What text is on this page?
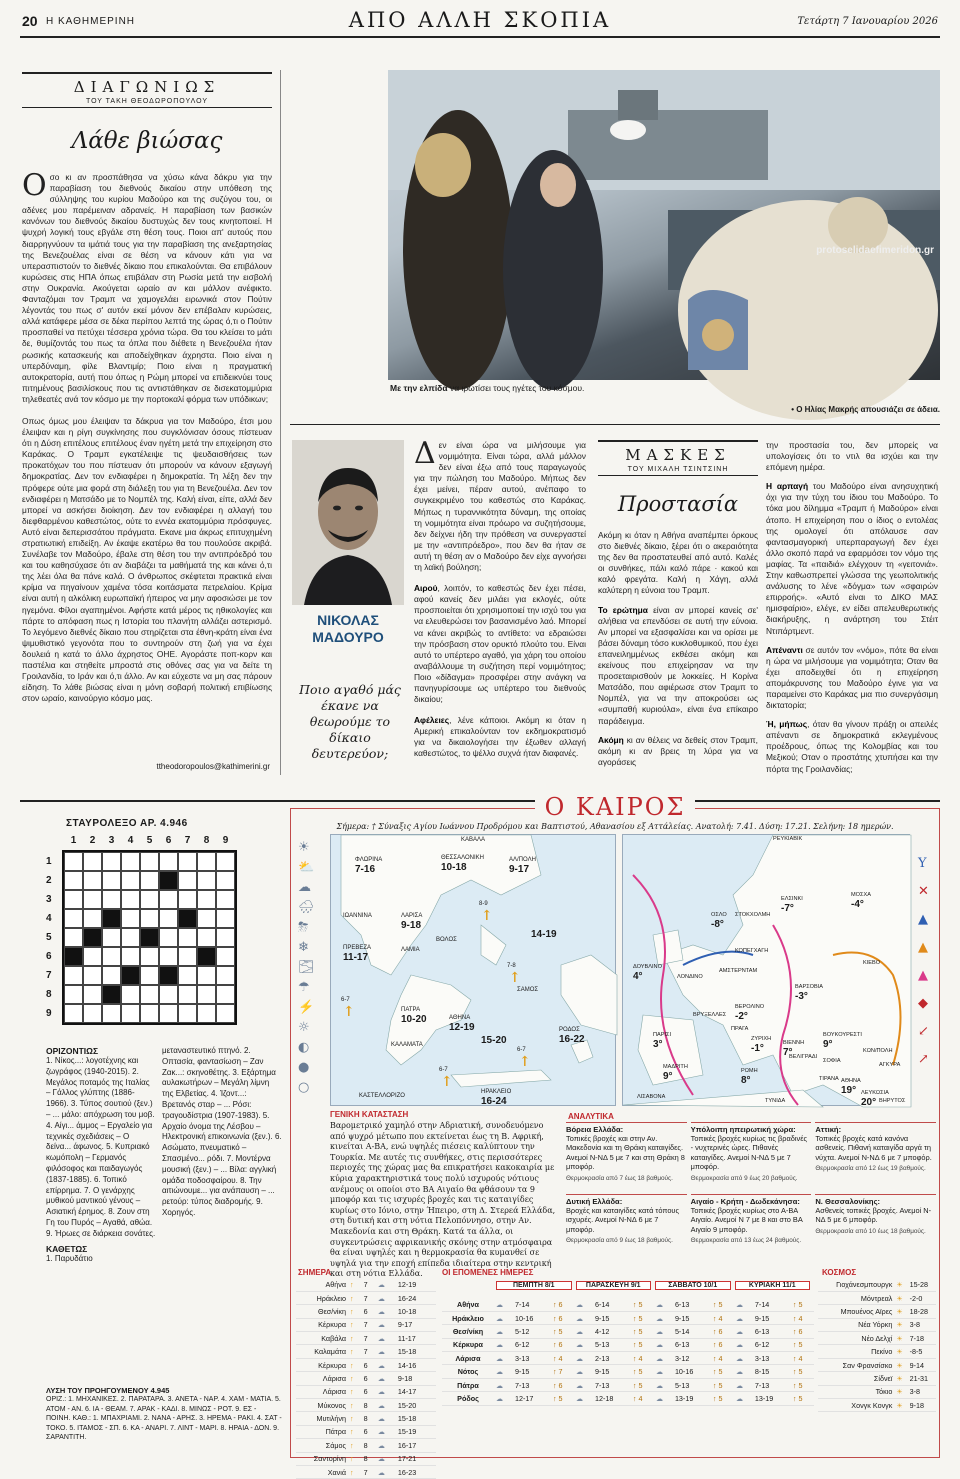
20 Η ΚΑΘΗΜΕΡΙΝΗ	ΑΠΟ ΑΛΛΗ ΣΚΟΠΙΑ	Τετάρτη 7 Ιανουαρίου 2026
ΔΙΑΓΩΝΙΩΣ
ΤΟΥ ΤΑΚΗ ΘΕΟΔΩΡΟΠΟΥΛΟΥ
Λάθε βιώσας
Οσο κι αν προσπάθησα να χύσω κάνα δάκρυ για την παραβίαση του διεθνούς δικαίου στην υπόθεση της σύλληψης του κυρίου Μαδούρο και της συζύγου του, οι αδένες μου παρέμειναν αδρανείς. Η παραβίαση των βασικών κανόνων του διεθνούς δικαίου δυστυχώς δεν τους κινητοποιεί. Η ψυχρή λογική τους εβγάλε στη θέση τους. Ποιοι απ' αυτούς που διαρρηγνύουν τα ιμάτιά τους για την παραβίαση της ανεξαρτησίας της Βενεζουέλας είναι σε θέση να κάνουν κάτι για να υπερασπιστούν το διεθνές δίκαιο που επικαλούνται. Θα επιβάλουν κυρώσεις στις ΗΠΑ όπως επιβάλαν στη Ρωσία μετά την εισβολή στην Ουκρανία. Ακούγεται ωραίο αν και μάλλον ανέφικτο. Φανταζόμαι τον Τραμπ να χαμογελάει ειρωνικά στον Πούτιν λέγοντάς του πως σ' αυτόν εκεί μόνον δεν επέβαλαν κυρώσεις, αλλά κατάφερε μέσα σε δέκα περίπου λεπτά της ώρας ό,τι ο Πούτιν προσπαθεί να πετύχει τέσσερα χρόνια τώρα. Θα του κλείσει το μάτι δε, θυμίζοντάς του πως τα όπλα που διέθετε η Βενεζουέλα ήταν ρωσικής κατασκευής και αποδείχθηκαν άχρηστα. Ποιο είναι η υπερδύναμη, φίλε Βλαντιμίρ; Ποιο είναι η πραγματική αυτοκρατορία, αυτή που όπως η Ρώμη μπορεί να επιδεικνύει τους πιτημένους βασιλίσκους που τις αντιστάθηκαν σε δισεκατομμύρια τηλεθεατές ανά τον κόσμο με την πορτοκαλί φόρμα των υπόδικων;
Οπως όμως μου έλειψαν τα δάκρυα για τον Μαδούρο, έτσι μου έλειψαν και η ρίγη συγκίνησης που συγκλόνισαν όσους πίστευαν ότι η Δύση επιτέλους επιτέλους έναν ηγέτη μετά την επιχείρηση στο Καράκας. Ο Τραμπ εγκατέλειψε τις ψευδαισθήσεις των προκατόχων του που πίστευαν ότι μπορούν να κάνουν εξαγωγή δημοκρατίας. Δεν τον ενδιαφέρει η δημοκρατία. Τη λέξη δεν την πρόφερε ούτε μια φορά στη διάλεξη του για τη Βενεζουέλα. Δεν τον ενδιαφέρει η Ματσάδο με το Νομπέλ της. Καλή είναι, είπε, αλλά δεν μπορεί να ασκήσει διοίκηση. Δεν τον ενδιαφέρει η αλλαγή του διεφθαρμένου καθεστώτος, ούτε το εννέα εκατομμύρια πρόσφυγες. Αυτό είναι δεπερισσάτου πράγματα. Εκανε μια άκρως επιτυχημένη στρατιωτική επιδείξη. Αν έκαψε εκατέρω θα του πουλούσε ακριβά. Συνέλαβε τον Μαδούρο, έβαλε στη θέση του την αντιπρόεδρό του και του καθησύχασε ότι αν διαβάζει τα μαθήματά της και κάνει ό,τι της λέει όλα θα πάνε καλά. Ο άνθρωπος σκέφτεται πρακτικά είναι κρίμα να πηγαίνουν χαμένα τόσα κοιτάσματα πετρελαίου. Κρίμα είναι αυτή η αλκόλικη ευρωπαϊκή ήπειρος να μην αφοσιώσει με τον ηγεμόνα. Φίλοι αγαπημένοι. Αφήστε κατά μέρος τις ηθικολογίες και πάρτε το απόφαση πως η Ιστορία του πλανήτη αλλάζει αστερισμό. Το λεγόμενο διεθνές δίκαιο που στηρίζεται στα έθνη-κράτη είναι ένα ψιμυθιστικό γεγονότα που το συντηρούν στη ζωή για να έχει δουλειά η κατά το άλλο άχρηστος ΟΗΕ. Αγοράστε ποπ-κορν και παστέλια και στηθείτε μπροστά στις οθόνες σας για να δείτε τη Γροιλανδία, το Ιράν και ό,τι άλλο. Αν και εύχεστε να μη σας πάρουν είδηση. Το λάθε βιώσας είναι η μόνη σοβαρή πολιτική επιβίωσης στον ωραίο, καινούργιο κόσμο μας.
ttheodoropoulos@kathimerini.gr
protoselidaefimeridon.gr
Με την ελπίδα να ιρωτίσει τους ηγέτες του κόσμου.
• Ο Ηλίας Μακρής απουσιάζει σε άδεια.
ΝΙΚΟΛΑΣ
ΜΑΔΟΥΡΟ
Ποιο αγαθό μάς έκανε να θεωρούμε το δίκαιο δευτερεύον;
Δεν είναι ώρα να μιλήσουμε για νομιμότητα. Είναι τώρα, αλλά μάλλον δεν είναι έξω από τους παραγωγούς για την πώληση του Μαδούρο. Μήπως δεν έχει μείνει, πέραν αυτού, ανέπαφο το συγκεκριμένο του καθεστώς στο Καράκας. Μήπως η τυραννικότητα δύναμη, της οποίας τη νομιμότητα είναι πρόωρο να συζητήσουμε, δεν δείχνει ήδη την πρόθεση να συνεργαστεί με την «αντιπρόεδρο», που δεν θα ήταν σε αυτή τη θέση αν ο Μαδούρο δεν είχε αγνοήσει τη λαϊκή βούληση;
Αιρού, λοιπόν, το καθεστώς δεν έχει πέσει, αφού κανείς δεν μιλάει για εκλογές, ούτε προσποιείται ότι χρησιμοποιεί την ισχύ του για να ελευθερώσει τον βασανισμένο λαό. Μπορεί να κάνει ακριβώς το αντίθετο: να εδραιώσει την πρόσβαση στον ορυκτό πλούτο του. Είναι αυτό το υπέρτερο αγαθό, για χάρη του οποίου αναβάλλουμε τη συζήτηση περί νομιμότητος; Ποιο «δίδαγμα» προσφέρει στην ανάγκη να πανηγυρίσουμε ως υπέρτερο του διεθνούς δικαίου;
Αφέλειες, λένε κάποιοι. Ακόμη κι όταν η Αμερική επικαλούνταν τον εκδημοκρατισμό για να δικαιολογήσει την έξωθεν αλλαγή καθεστώτος, το ψέλλο συχνά ήταν διαφανές.
ΜΑΣΚΕΣ
ΤΟΥ ΜΙΧΑΛΗ ΤΣΙΝΤΣΙΝΗ
Προστασία
Ακόμη κι όταν η Αθήνα αναπέμπει όρκους στο διεθνές δίκαιο, ξέρει ότι ο ακεραιότητα της δεν θα προστατευθεί από αυτό. Καλές οι συνθήκες, πάλι καλό πάρε · κακού και καλό φρεγάτα. Καλή η Χάγη, αλλά καλύτερη η εύνοια του Τραμπ.
Το ερώτημα είναι αν μπορεί κανείς σε' αλήθεια να επενδύσει σε αυτή την εύνοια. Αν μπορεί να εξασφαλίσει και να ορίσει με βάσει δύναμη τόσο κυκλοθυμικού, που έχει επανειλημμένως εκθέσει ακόμη και εκείνους που επιχείρησαν να την προσεταιρισθούν με λοκκείες. Η Κορίνα Ματσάδο, που αφιέρωσε στον Τραμπ το Νομπέλ, για να την αποκρούσει ως «συμπαθή κυριούλα», είναι ένα επίκαιρο παράδειγμα.
Ακόμη κι αν θέλεις να δεθείς στον Τραμπ, ακόμη κι αν βρεις τη λύρα για να αγοράσεις
την προστασία του, δεν μπορείς να υπολογίσεις ότι το ντιλ θα ισχύει και την επόμενη ημέρα.
Η αρπαγή του Μαδούρο είναι ανησυχητική όχι για την τύχη του ίδιου του Μαδούρο. Το τόκα μου δίλημμα «Τραμπ ή Μαδούρο» είναι άτοπο. Η επιχείρηση που ο ίδιος ο εντολέας της ομολογεί ότι απόλαυσε σαν φαντασμαγορική υπερπαραγωγή δεν έχει άλλο σκοπό παρά να εφαρμόσει τον νόμο της μαφίας. Τα «παιδιά» ελέγχουν τη «γειτονιά». Στην καθωσπρεπεί γλώσσα της γεωπολιτικής ανάλυσης το λένε «δόγμα» των «σφαιρών επιρροής». «Αυτό είναι το ΔΙΚΟ ΜΑΣ ημισφαίριο», ελέγε, εν είδει απελευθερωτικής διακήρυξης, η ανάρτηση του Στέιτ Ντιπάρτμεντ.
Απέναντι σε αυτόν τον «νόμο», πότε θα είναι η ώρα να μιλήσουμε για νομιμότητα; Οταν θα έχει αποδειχθεί ότι η επιχείρηση απομάκρυνσης του Μαδούρο έγινε για να παραμείνει στο Καράκας μια πιο συνεργάσιμη δικτατορία;
Ή, μήπως, όταν θα γίνουν πράξη οι απειλές απέναντι σε δημοκρατικά εκλεγμένους προέδρους, όπως της Κολομβίας και του Μεξικού; Οταν ο προστάτης χτυπήσει και την πόρτα της Γροιλανδίας;
ΣΤΑΥΡΟΛΕΞΟ ΑΡ. 4.946
1	2	3	4	5	6	7	8	9
1
2
3
4
5
6
7
8
9
ΟΡΙΖΟΝΤΙΩΣ
1. Νίκος...: λογοτέχνης και ζωγράφος (1940-2015). 2. Μεγάλος ποταμός της Ιταλίας – Γάλλος γλύπτης (1886-1966). 3. Τύπος σουτιού (ξεν.) – ... μάλο: απόχρωση του μοβ. 4. Αίγι... άμμος – Εργαλείο για τεχνικές σχεδιάσεις – Ο δείνα... άφωνος. 5. Κυπριακό κωμόπολη – Γερμανός φιλόσοφος και παιδαγωγός (1837-1885). 6. Τοπικό επίρρημα. 7. Ο γενάρχης μυθικού μαντικού γένους – Ασιατική έρημος. 8. Ζουν στη Γη του Πυρός – Αγαθά, αθώα. 9. Ήρωες σε διάρκεια σονάτες.
ΚΑΘΕΤΩΣ
1. Παρυδάτιο
μεταναστευτικό πτηνό. 2. Οπτασία, φαντασίωση – Ζαν Ζακ...: σκηνοθέτης. 3. Εξάρτημα αυλακωτήρων – Μεγάλη λίμνη της Ελβετίας. 4. Ίζοντ...: Βρετανός σταρ – ... Ρόσι: τραγουδίστρια (1907-1983). 5. Αρχαίο όνομα της Λέσβου – Ηλεκτρονική επικοινωνία (ξεν.). 6. Ασώματο, πνευματικό – Σπασμένο... ρόδι. 7. Μοντέρνα μουσική (ξεν.) – ... Βίλα: αγγλική ομάδα ποδοσφαίρου. 8. Την αιτιώνουμε... για ανάπαυση – ... ρετούρ: τύπος διαδρομής. 9. Χορηγός.
ΛΥΣΗ ΤΟΥ ΠΡΟΗΓΟΥΜΕΝΟΥ 4.945
ΟΡΙΖ.: 1. ΜΗΧΑΝΙΚΕΣ. 2. ΠΑΡΑΤΑΡΑ. 3. ΑΝΕΤΑ - ΝΑΡ. 4. ΧΑΜ - ΜΑΤΙΑ. 5. ΑΤΟΜ - ΑΝ. 6. ΙΑ - ΘΕΑΜ. 7. ΑΡΑΚ - ΚΑΔΙ. 8. ΜΙΝΩΣ - ΡΟΤ. 9. ΕΣ - ΠΟΙΝΗ. ΚΑΘ.: 1. ΜΠΑΧΡΙΑΜΙ. 2. ΝΑΝΑ - ΑΡΗΣ. 3. ΗΡΕΜΑ - ΡΑΚΙ. 4. ΣΑΤ - ΤΟΚΟ. 5. ΙΤΑΜΟΣ - ΣΠ. 6. ΚΑ - ΑΝΑΡΙ. 7. ΛΙΝΤ - ΜΑΡΙ. 8. ΗΡΑΙΑ - ΔΟΝ. 9. ΣΑΡΑΝΤΙΤΗ.
Ο ΚΑΙΡΟΣ
Σήμερα: † Σύναξις Αγίου Ιωάννου Προδρόμου και Βαπτιστού, Αθανασίου εξ Αττάλείας. Ανατολή: 7.41. Δύση: 17.21. Σελήνη: 18 ημερών.
ΦΛΩΡΙΝΑ
7-16
ΘΕΣΣΑΛΟΝΙΚΗ
10-18
ΑΛ/ΠΟΛΗ
9-17
ΚΑΒΑΛΑ
ΙΩΑΝΝΙΝΑ	ΛΑΡΙΣΑ
9-18
ΒΟΛΟΣ
ΛΑΜΙΑ
ΠΡΕΒΕΖΑ
11-17
ΠΑΤΡΑ
10-20	ΑΘΗΝΑ
12-19
ΣΑΜΟΣ
ΚΑΛΑΜΑΤΑ
ΡΟΔΟΣ
16-22
ΚΑΣΤΕΛΛΟΡΙΖΟ
ΗΡΑΚΛΕΙΟ
16-24
14-19
15-20
8-9
↑
7-8
↑
6-7
↑
6-7
↑
6-7
↑
ΡΕΥΚΙΑΒΙΚ
ΕΛΣΙΝΚΙ
-7°
ΜΟΣΧΑ
-4°
ΟΣΛΟ
-8°
ΣΤΟΚΧΟΛΜΗ
ΚΟΠΕΓΧΑΓΗ
ΔΟΥΒΛΙΝΟ
4°	ΛΟΝΔΙΝΟ
ΑΜΣΤΕΡΝΤΑΜ
ΒΕΡΟΛΙΝΟ
-2°
ΒΑΡΣΟΒΙΑ
-3°
ΚΙΕΒΟ
ΒΡΥΞΕΛΛΕΣ
ΠΡΑΓΑ
ΠΑΡΙΣΙ
3°	ΖΥΡΙΧΗ
-1°	ΒΙΕΝΝΗ
7°
ΒΟΥΚΟΥΡΕΣΤΙ
9°
ΒΕΛΙΓΡΑΔΙ
ΣΟΦΙΑ
ΚΩΝ/ΠΟΛΗ
ΑΓΚΥΡΑ
ΜΑΔΡΙΤΗ
9°	ΡΩΜΗ
8°	ΤΙΡΑΝΑ ΑΘΗΝΑ
19°
ΛΙΣΑΒΟΝΑ
ΤΥΝΙΔΑ
ΛΕΥΚΩΣΙΑ
20° ΒΗΡΥΤΟΣ
☀
⛅
☁
🌧
⛈
❄
🌫
☂
⚡
☼
◐
●
○
Y
✕
▲
▲
▲
◆
↙
↗
ΓΕΝΙΚΗ ΚΑΤΑΣΤΑΣΗ
Βαρομετρικό χαμηλό στην Αδριατική, συνοδευόμενο από ψυχρό μέτωπο που εκτείνεται έως τη Β. Αφρική, κινείται Α-ΒΑ, ενώ υψηλές πιέσεις καλύπτουν την Τουρκία. Με αυτές τις συνθήκες, στις περισσότερες περιοχές της χώρας μας θα επικρατήσει κακοκαιρία με κύρια χαρακτηριστικά τους πολύ ισχυρούς νότιους ανέμους οι οποίοι στο ΒΑ Αιγαίο θα φθάσουν τα 9 μποφόρ και τις ισχυρές βροχές και τις καταιγίδες κυρίως στο Ιόνιο, στην Ήπειρο, στη Δ. Στερεά Ελλάδα, στη δυτική και στη νότια Πελοπόννησο, στην Αν. Μακεδονία και στη Θράκη. Κατά τα άλλα, οι συγκεντρώσεις αφρικανικής σκόνης στην ατμόσφαιρα θα είναι υψηλές και η θερμοκρασία θα κυμανθεί σε υψηλά για την εποχή επίπεδα ιδιαίτερα στην κεντρική και στη νότια Ελλάδα.
ΑΝΑΛΥΤΙΚΑ
Βόρεια Ελλάδα:
Τοπικές βροχές και στην Αν. Μακεδονία και τη Θράκη καταιγίδες. Ανεμοί Ν-ΝΔ 5 με 7 και στη Θράκη 8 μποφόρ.
Θερμοκρασία από 7 έως 18 βαθμούς.
Υπόλοιπη ηπειρωτική χώρα:
Τοπικές βροχές κυρίως τις βραδινές - νυχτερινές ώρες. Πιθανές καταιγίδες. Ανεμοί Ν-ΝΔ 5 με 7 μποφόρ.
Θερμοκρασία από 9 έως 20 βαθμούς.
Αττική:
Τοπικές βροχές κατά κανόνα ασθενείς. Πιθανή καταιγίδα αργά τη νύχτα. Ανεμοί Ν-ΝΔ 6 με 7 μποφόρ.
Θερμοκρασία από 12 έως 19 βαθμούς.
Δυτική Ελλάδα:
Βροχές και καταιγίδες κατά τόπους ισχυρές. Ανεμοί Ν-ΝΔ 6 με 7 μποφόρ.
Θερμοκρασία από 9 έως 18 βαθμούς.
Αιγαίο - Κρήτη - Δωδεκάνησα:
Τοπικές βροχές κυρίως στο Α-ΒΑ Αιγαίο. Ανεμοί Ν 7 με 8 και στο ΒΑ Αιγαίο 9 μποφόρ.
Θερμοκρασία από 13 έως 24 βαθμούς.
Ν. Θεσσαλονίκης:
Ασθενείς τοπικές βροχές. Ανεμοί Ν-ΝΔ 5 με 6 μποφόρ.
Θερμοκρασία από 10 έως 18 βαθμούς.
ΣΗΜΕΡΑ
Αθήνα	↑	7	☁	12-19
Ηράκλειο	↑	7	☁	16-24
Θεσ/νίκη	↑	6	☁	10-18
Κέρκυρα	↑	7	☁	9-17
Καβάλα	↑	7	☁	11-17
Καλαμάτα	↑	7	☁	15-18
Κέρκυρα	↑	6	☁	14-16
Λάρισα	↑	6	☁	9-18
Λάρισα	↑	6	☁	14-17
Μύκονος	↑	8	☁	15-20
Μυτιλήνη	↑	8	☁	15-18
Πάτρα	↑	6	☁	15-19
Σάμος	↑	8	☁	16-17
Σαντορίνη	↑	8	☁	17-21
Χανιά	↑	7	☁	16-23
ΟΙ ΕΠΟΜΕΝΕΣ ΗΜΕΡΕΣ
ΠΕΜΠΤΗ 8/1	ΠΑΡΑΣΚΕΥΗ 9/1	ΣΑΒΒΑΤΟ 10/1	ΚΥΡΙΑΚΗ 11/1
Αθήνα	☁	7-14	↑ 6	☁	6-14	↑ 5	☁	6-13	↑ 5	☁	7-14	↑ 5
Ηράκλειο	☁	10-16	↑ 6	☁	9-15	↑ 5	☁	9-15	↑ 4	☁	9-15	↑ 4
Θεσ/νίκη	☁	5-12	↑ 5	☁	4-12	↑ 5	☁	5-14	↑ 6	☁	6-13	↑ 6
Κέρκυρα	☁	6-12	↑ 6	☁	5-13	↑ 5	☁	6-13	↑ 6	☁	6-12	↑ 5
Λάρισα	☁	3-13	↑ 4	☁	2-13	↑ 4	☁	3-12	↑ 4	☁	3-13	↑ 4
Νότος	☁	9-15	↑ 7	☁	9-15	↑ 5	☁	10-16	↑ 5	☁	8-15	↑ 5
Πάτρα	☁	7-13	↑ 6	☁	7-13	↑ 5	☁	5-13	↑ 5	☁	7-13	↑ 5
Ρόδος	☁	12-17	↑ 5	☁	12-18	↑ 4	☁	13-19	↑ 5	☁	13-19	↑ 5
ΚΟΣΜΟΣ
Γιοχάνεσμπουργκ	☀	15-28
Μόντρεαλ	☀	-2-0
Μπουένος Αϊρες	☀	18-28
Νέα Υόρκη	☀	3-8
Νέο Δελχί	☀	7-18
Πεκίνο	☀	-8-5
Σαν Φρανσίσκο	☀	9-14
Σίδνεϊ	☀	21-31
Τόκιο	☀	3-8
Χονγκ Κονγκ	☀	9-18
